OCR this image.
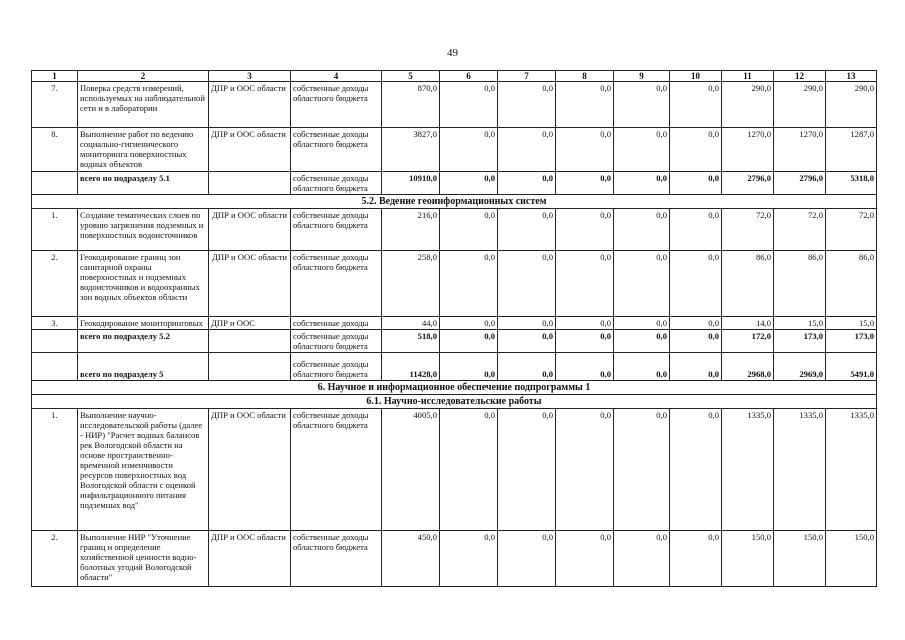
49
1	2	3	4	5	6	7	8	9	10	11	12	13
7.	Поверка средств измерений, используемых на наблюдательной сети и в лаборатории	ДПР и ООС области	собственные доходы областного бюджета	870,0	0,0	0,0	0,0	0,0	0,0	290,0	290,0	290,0
8.	Выполнение работ по ведению социально-гигиенического мониторинга поверхностных водных объектов	ДПР и ООС области	собственные доходы областного бюджета	3827,0	0,0	0,0	0,0	0,0	0,0	1270,0	1270,0	1287,0
	всего по подразделу 5.1		собственные доходы областного бюджета	10910,0	0,0	0,0	0,0	0,0	0,0	2796,0	2796,0	5318,0
5.2. Ведение геоинформационных систем												
1.	Создание тематических слоев по уровню загрязнения подземных и поверхностных водоисточников	ДПР и ООС области	собственные доходы областного бюджета	216,0	0,0	0,0	0,0	0,0	0,0	72,0	72,0	72,0
2.	Геокодирование границ зон санитарной охраны поверхностных и подземных водоисточников и водоохранных зон водных объектов области	ДПР и ООС области	собственные доходы областного бюджета	258,0	0,0	0,0	0,0	0,0	0,0	86,0	86,0	86,0
3.	Геокодирование мониторинговых	ДПР и ООС	собственные доходы	44,0	0,0	0,0	0,0	0,0	0,0	14,0	15,0	15,0
	всего по подразделу 5.2		собственные доходы областного бюджета	518,0	0,0	0,0	0,0	0,0	0,0	172,0	173,0	173,0
	всего по подразделу 5		собственные доходы областного бюджета	11428,0	0,0	0,0	0,0	0,0	0,0	2968,0	2969,0	5491,0
6. Научное и информационное обеспечение подпрограммы 1												
6.1. Научно-исследовательские работы												
1.	Выполнение научно-исследовательской работы (далее - НИР) "Расчет водных балансов рек Вологодской области на основе пространственно-временной изменчивости ресурсов поверхностных вод Вологодской области с оценкой инфильтрационного питания подземных вод"	ДПР и ООС области	собственные доходы областного бюджета	4005,0	0,0	0,0	0,0	0,0	0,0	1335,0	1335,0	1335,0
2.	Выполнение НИР "Уточнение границ и определение хозяйственной ценности водно-болотных угодий Вологодской области"	ДПР и ООС области	собственные доходы областного бюджета	450,0	0,0	0,0	0,0	0,0	0,0	150,0	150,0	150,0
